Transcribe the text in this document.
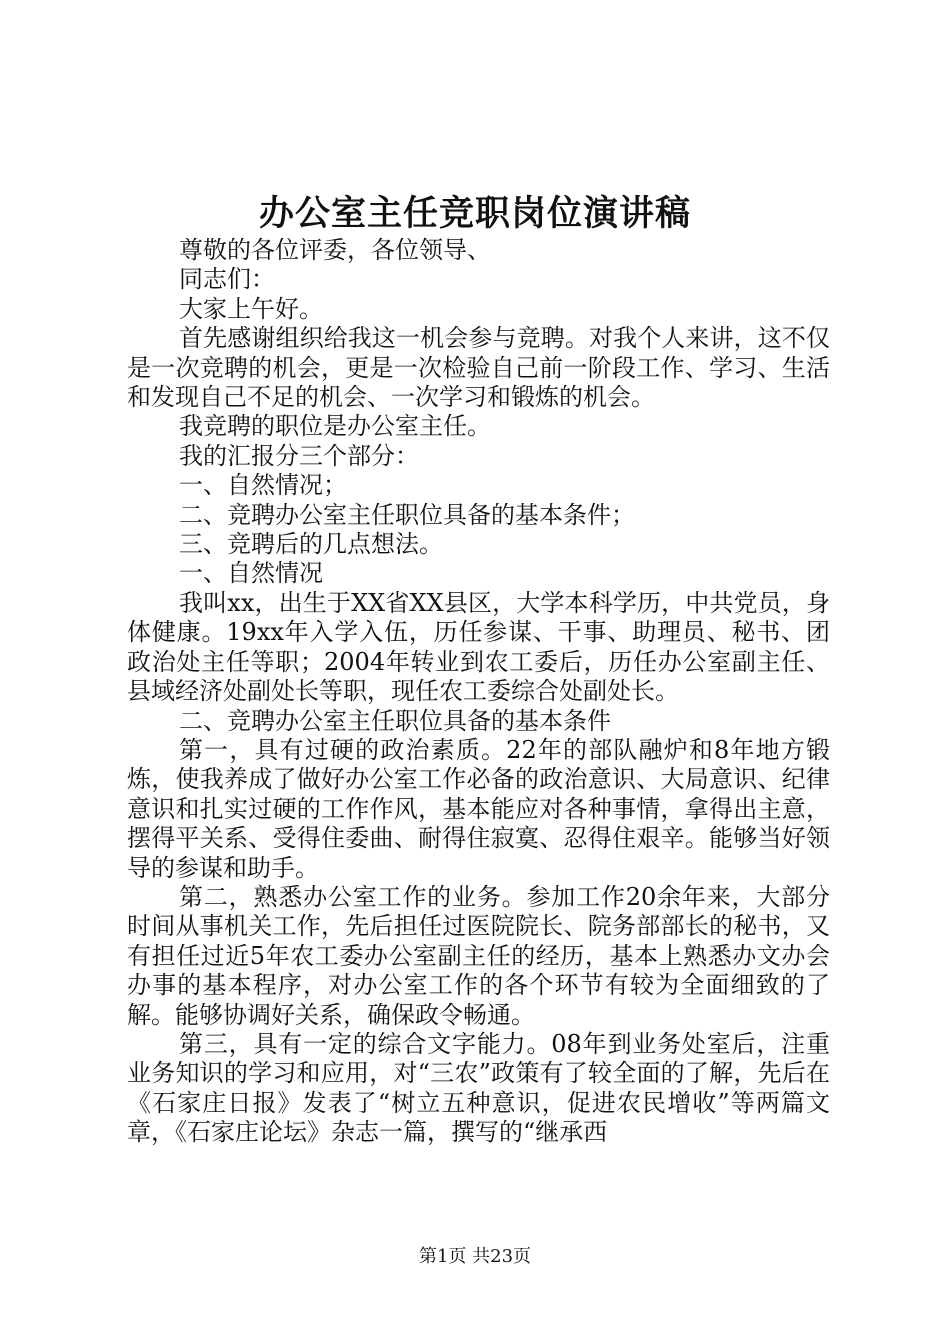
办公室主任竞职岗位演讲稿

尊敬的各位评委，各位领导、

同志们：

大家上午好。

首先感谢组织给我这一机会参与竞聘。对我个人来讲，这不仅是一次竞聘的机会，更是一次检验自己前一阶段工作、学习、生活和发现自己不足的机会、一次学习和锻炼的机会。

我竞聘的职位是办公室主任。

我的汇报分三个部分：

一、自然情况；

二、竞聘办公室主任职位具备的基本条件；

三、竞聘后的几点想法。

一、自然情况

我叫xx，出生于XX省XX县区，大学本科学历，中共党员，身体健康。19xx年入学入伍，历任参谋、干事、助理员、秘书、团政治处主任等职；2004年转业到农工委后，历任办公室副主任、县域经济处副处长等职，现任农工委综合处副处长。

二、竞聘办公室主任职位具备的基本条件

第一，具有过硬的政治素质。22年的部队融炉和8年地方锻炼，使我养成了做好办公室工作必备的政治意识、大局意识、纪律意识和扎实过硬的工作作风，基本能应对各种事情，拿得出主意，摆得平关系、受得住委曲、耐得住寂寞、忍得住艰辛。能够当好领导的参谋和助手。

第二，熟悉办公室工作的业务。参加工作20余年来，大部分时间从事机关工作，先后担任过医院院长、院务部部长的秘书，又有担任过近5年农工委办公室副主任的经历，基本上熟悉办文办会办事的基本程序，对办公室工作的各个环节有较为全面细致的了解。能够协调好关系，确保政令畅通。

第三，具有一定的综合文字能力。08年到业务处室后，注重业务知识的学习和应用，对“三农”政策有了较全面的了解，先后在《石家庄日报》发表了“树立五种意识，促进农民增收”等两篇文章，《石家庄论坛》杂志一篇，撰写的“继承西

第1页 共23页
